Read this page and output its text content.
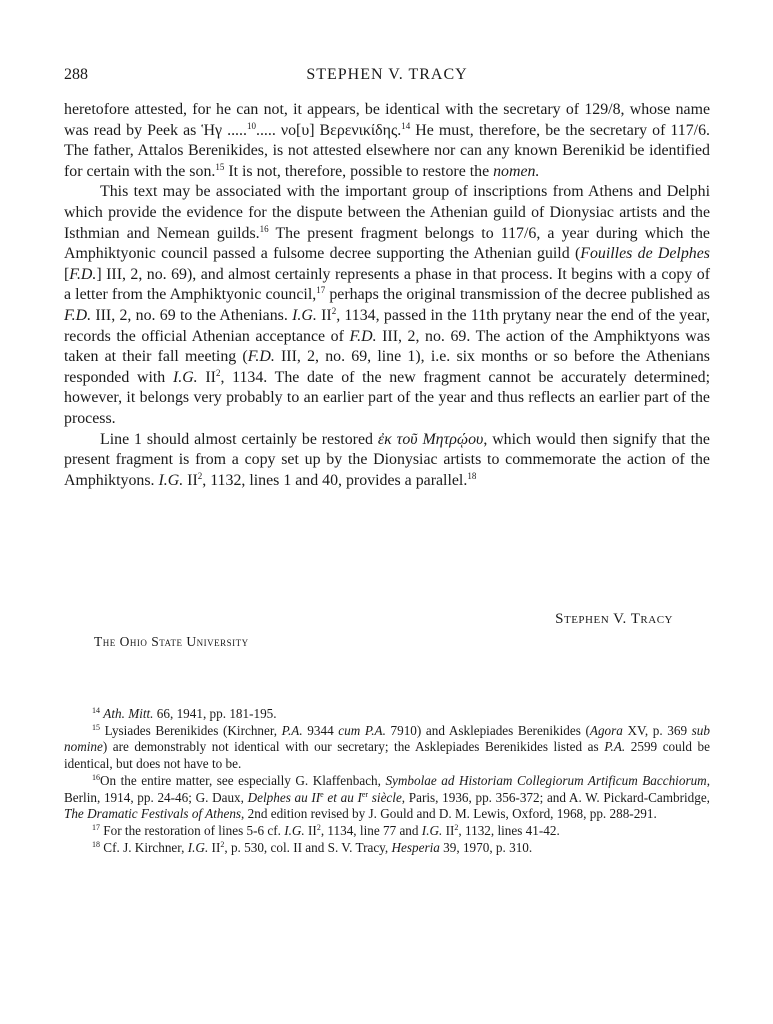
288	STEPHEN V. TRACY

heretofore attested, for he can not, it appears, be identical with the secretary of 129/8, whose name was read by Peek as Ἡγ .....$^{10}$..... νο[υ] Βερενικίδης.$^{14}$ He must, therefore, be the secretary of 117/6. The father, Attalos Berenikides, is not attested elsewhere nor can any known Berenikid be identified for certain with the son.$^{15}$ It is not, therefore, possible to restore the nomen.

This text may be associated with the important group of inscriptions from Athens and Delphi which provide the evidence for the dispute between the Athenian guild of Dionysiac artists and the Isthmian and Nemean guilds.$^{16}$ The present fragment belongs to 117/6, a year during which the Amphiktyonic council passed a fulsome decree supporting the Athenian guild (Fouilles de Delphes [F.D.] III, 2, no. 69), and almost certainly represents a phase in that process. It begins with a copy of a letter from the Amphiktyonic council,$^{17}$ perhaps the original transmission of the decree published as F.D. III, 2, no. 69 to the Athenians. I.G. $II^2$, 1134, passed in the 11th prytany near the end of the year, records the official Athenian acceptance of F.D. III, 2, no. 69. The action of the Amphiktyons was taken at their fall meeting (F.D. III, 2, no. 69, line 1), i.e. six months or so before the Athenians responded with I.G. $II^2$, 1134. The date of the new fragment cannot be accurately determined; however, it belongs very probably to an earlier part of the year and thus reflects an earlier part of the process.

Line 1 should almost certainly be restored ἐκ τοῦ Μητρῴου, which would then signify that the present fragment is from a copy set up by the Dionysiac artists to commemorate the action of the Amphiktyons. I.G. $II^2$, 1132, lines 1 and 40, provides a parallel.$^{18}$

Stephen V. Tracy
The Ohio State University

$^{14}$ Ath. Mitt. 66, 1941, pp. 181-195.

$^{15}$ Lysiades Berenikides (Kirchner, P.A. 9344 cum P.A. 7910) and Asklepiades Berenikides (Agora XV, p. 369 sub nomine) are demonstrably not identical with our secretary; the Asklepiades Berenikides listed as P.A. 2599 could be identical, but does not have to be.

$^{16}$On the entire matter, see especially G. Klaffenbach, Symbolae ad Historiam Collegiorum Artificum Bacchiorum, Berlin, 1914, pp. 24-46; G. Daux, Delphes au IIe et au Ier siècle, Paris, 1936, pp. 356-372; and A. W. Pickard-Cambridge, The Dramatic Festivals of Athens, 2nd edition revised by J. Gould and D. M. Lewis, Oxford, 1968, pp. 288-291.

$^{17}$ For the restoration of lines 5-6 cf. I.G. $II^2$, 1134, line 77 and I.G. $II^2$, 1132, lines 41-42.

$^{18}$ Cf. J. Kirchner, I.G. $II^2$, p. 530, col. II and S. V. Tracy, Hesperia 39, 1970, p. 310.
